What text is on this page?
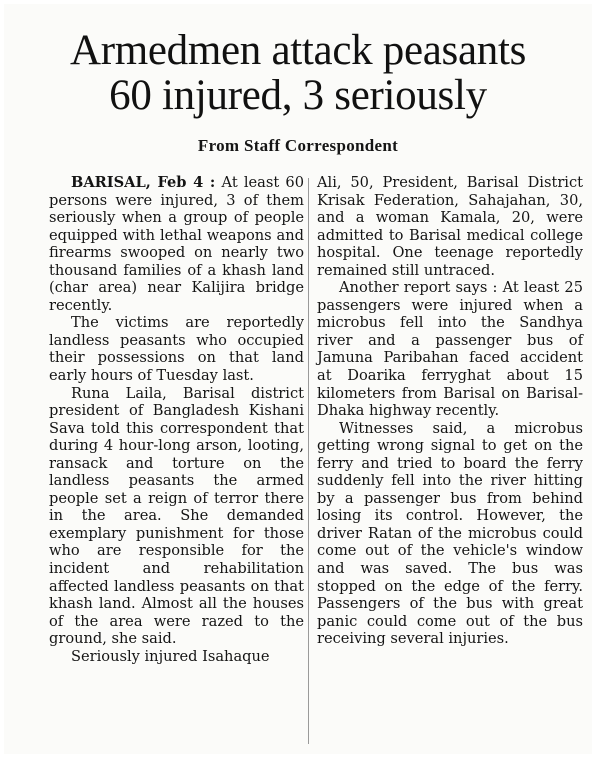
Armedmen attack peasants
60 injured, 3 seriously
From Staff Correspondent

BARISAL, Feb 4 : At least 60 persons were injured, 3 of them seriously when a group of people equipped with lethal weapons and firearms swooped on nearly two thousand families of a khash land (char area) near Kalijira bridge recently.

The victims are reportedly landless peasants who occupied their possessions on that land early hours of Tuesday last.

Runa Laila, Barisal district president of Bangladesh Kishani Sava told this correspondent that during 4 hour-long arson, looting, ransack and torture on the landless peasants the armed people set a reign of terror there in the area. She demanded exemplary punishment for those who are responsible for the incident and rehabilitation affected landless peasants on that khash land. Almost all the houses of the area were razed to the ground, she said.

Seriously injured Isahaque

Ali, 50, President, Barisal District Krisak Federation, Sahajahan, 30, and a woman Kamala, 20, were admitted to Barisal medical college hospital. One teenage reportedly remained still untraced.

Another report says : At least 25 passengers were injured when a microbus fell into the Sandhya river and a passenger bus of Jamuna Paribahan faced accident at Doarika ferryghat about 15 kilometers from Barisal on Barisal-Dhaka highway recently.

Witnesses said, a microbus getting wrong signal to get on the ferry and tried to board the ferry suddenly fell into the river hitting by a passenger bus from behind losing its control. However, the driver Ratan of the microbus could come out of the vehicle's window and was saved. The bus was stopped on the edge of the ferry. Passengers of the bus with great panic could come out of the bus receiving several injuries.
